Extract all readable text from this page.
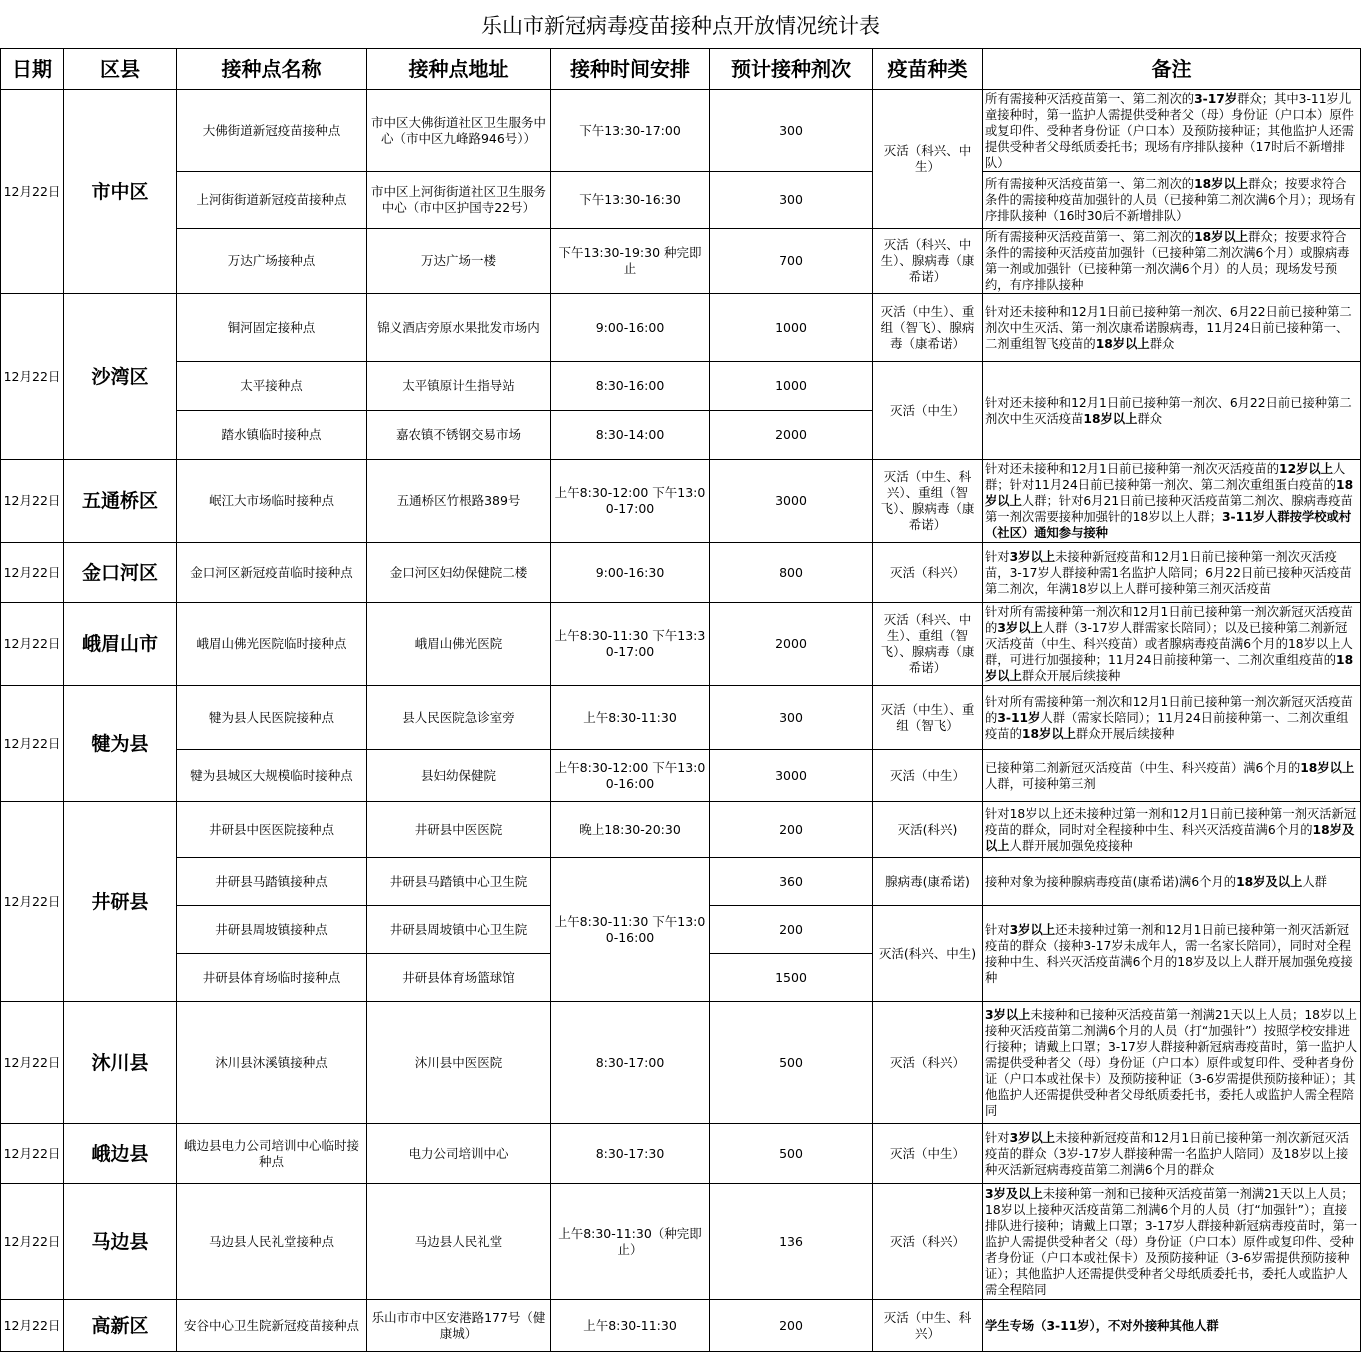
乐山市新冠病毒疫苗接种点开放情况统计表
日期	区县	接种点名称	接种点地址	接种时间安排	预计接种剂次	疫苗种类	备注
12月22日	市中区	大佛街道新冠疫苗接种点	市中区大佛街道社区卫生服务中心（市中区九峰路946号））	下午13:30-17:00	300	灭活（科兴、中生）	所有需接种灭活疫苗第一、第二剂次的3-17岁群众；其中3-11岁儿童接种时，第一监护人需提供受种者父（母）身份证（户口本）原件或复印件、受种者身份证（户口本）及预防接种证；其他监护人还需提供受种者父母纸质委托书；现场有序排队接种（17时后不新增排队）
		上河街街道新冠疫苗接种点	市中区上河街街道社区卫生服务中心（市中区护国寺22号）	下午13:30-16:30	300		所有需接种灭活疫苗第一、第二剂次的18岁以上群众；按要求符合条件的需接种疫苗加强针的人员（已接种第二剂次满6个月）；现场有序排队接种（16时30后不新增排队）
		万达广场接种点	万达广场一楼	下午13:30-19:30 种完即止	700	灭活（科兴、中生）、腺病毒（康希诺）	所有需接种灭活疫苗第一、第二剂次的18岁以上群众；按要求符合条件的需接种灭活疫苗加强针（已接种第二剂次满6个月）或腺病毒第一剂或加强针（已接种第一剂次满6个月）的人员；现场发号预约，有序排队接种
12月22日	沙湾区	铜河固定接种点	锦义酒店旁原水果批发市场内	9:00-16:00	1000	灭活（中生）、重组（智飞）、腺病毒（康希诺）	针对还未接种和12月1日前已接种第一剂次、6月22日前已接种第二剂次中生灭活、第一剂次康希诺腺病毒，11月24日前已接种第一、二剂重组智飞疫苗的18岁以上群众
		太平接种点	太平镇原计生指导站	8:30-16:00	1000	灭活（中生）	针对还未接种和12月1日前已接种第一剂次、6月22日前已接种第二剂次中生灭活疫苗18岁以上群众
		踏水镇临时接种点	嘉农镇不锈钢交易市场	8:30-14:00	2000		
12月22日	五通桥区	岷江大市场临时接种点	五通桥区竹根路389号	上午8:30-12:00 下午13:00-17:00	3000	灭活（中生、科兴）、重组（智飞）、腺病毒（康希诺）	针对还未接种和12月1日前已接种第一剂次灭活疫苗的12岁以上人群；针对11月24日前已接种第一剂次、第二剂次重组蛋白疫苗的18岁以上人群；针对6月21日前已接种灭活疫苗第二剂次、腺病毒疫苗第一剂次需要接种加强针的18岁以上人群；3-11岁人群按学校或村（社区）通知参与接种
12月22日	金口河区	金口河区新冠疫苗临时接种点	金口河区妇幼保健院二楼	9:00-16:30	800	灭活（科兴）	针对3岁以上未接种新冠疫苗和12月1日前已接种第一剂次灭活疫苗，3-17岁人群接种需1名监护人陪同；6月22日前已接种灭活疫苗第二剂次，年满18岁以上人群可接种第三剂灭活疫苗
12月22日	峨眉山市	峨眉山佛光医院临时接种点	峨眉山佛光医院	上午8:30-11:30 下午13:30-17:00	2000	灭活（科兴、中生）、重组（智飞）、腺病毒（康希诺）	针对所有需接种第一剂次和12月1日前已接种第一剂次新冠灭活疫苗的3岁以上人群（3-17岁人群需家长陪同）；以及已接种第二剂新冠灭活疫苗（中生、科兴疫苗）或者腺病毒疫苗满6个月的18岁以上人群，可进行加强接种；11月24日前接种第一、二剂次重组疫苗的18岁以上群众开展后续接种
12月22日	犍为县	犍为县人民医院接种点	县人民医院急诊室旁	上午8:30-11:30	300	灭活（中生）、重组（智飞）	针对所有需接种第一剂次和12月1日前已接种第一剂次新冠灭活疫苗的3-11岁人群（需家长陪同）；11月24日前接种第一、二剂次重组疫苗的18岁以上群众开展后续接种
		犍为县城区大规模临时接种点	县妇幼保健院	上午8:30-12:00 下午13:00-16:00	3000	灭活（中生）	已接种第二剂新冠灭活疫苗（中生、科兴疫苗）满6个月的18岁以上人群，可接种第三剂
12月22日	井研县	井研县中医医院接种点	井研县中医医院	晚上18:30-20:30	200	灭活(科兴)	针对18岁以上还未接种过第一剂和12月1日前已接种第一剂灭活新冠疫苗的群众，同时对全程接种中生、科兴灭活疫苗满6个月的18岁及以上人群开展加强免疫接种
		井研县马踏镇接种点	井研县马踏镇中心卫生院	上午8:30-11:30 下午13:00-16:00	360	腺病毒(康希诺)	接种对象为接种腺病毒疫苗(康希诺)满6个月的18岁及以上人群
		井研县周坡镇接种点	井研县周坡镇中心卫生院		200	灭活(科兴、中生)	针对3岁以上还未接种过第一剂和12月1日前已接种第一剂灭活新冠疫苗的群众（接种3-17岁未成年人，需一名家长陪同），同时对全程接种中生、科兴灭活疫苗满6个月的18岁及以上人群开展加强免疫接种
		井研县体育场临时接种点	井研县体育场篮球馆		1500		
12月22日	沐川县	沐川县沐溪镇接种点	沐川县中医医院	8:30-17:00	500	灭活（科兴）	3岁以上未接种和已接种灭活疫苗第一剂满21天以上人员；18岁以上接种灭活疫苗第二剂满6个月的人员（打“加强针”）按照学校安排进行接种；请戴上口罩；3-17岁人群接种新冠病毒疫苗时，第一监护人需提供受种者父（母）身份证（户口本）原件或复印件、受种者身份证（户口本或社保卡）及预防接种证（3-6岁需提供预防接种证）；其他监护人还需提供受种者父母纸质委托书，委托人或监护人需全程陪同
12月22日	峨边县	峨边县电力公司培训中心临时接种点	电力公司培训中心	8:30-17:30	500	灭活（中生）	针对3岁以上未接种新冠疫苗和12月1日前已接种第一剂次新冠灭活疫苗的群众（3岁-17岁人群接种需一名监护人陪同）及18岁以上接种灭活新冠病毒疫苗第二剂满6个月的群众
12月22日	马边县	马边县人民礼堂接种点	马边县人民礼堂	上午8:30-11:30（种完即止）	136	灭活（科兴）	3岁及以上未接种第一剂和已接种灭活疫苗第一剂满21天以上人员；18岁以上接种灭活疫苗第二剂满6个月的人员（打“加强针”）；直接排队进行接种；请戴上口罩；3-17岁人群接种新冠病毒疫苗时，第一监护人需提供受种者父（母）身份证（户口本）原件或复印件、受种者身份证（户口本或社保卡）及预防接种证（3-6岁需提供预防接种证）；其他监护人还需提供受种者父母纸质委托书，委托人或监护人需全程陪同
12月22日	高新区	安谷中心卫生院新冠疫苗接种点	乐山市市中区安港路177号（健康城）	上午8:30-11:30	200	灭活（中生、科兴）	学生专场（3-11岁），不对外接种其他人群
